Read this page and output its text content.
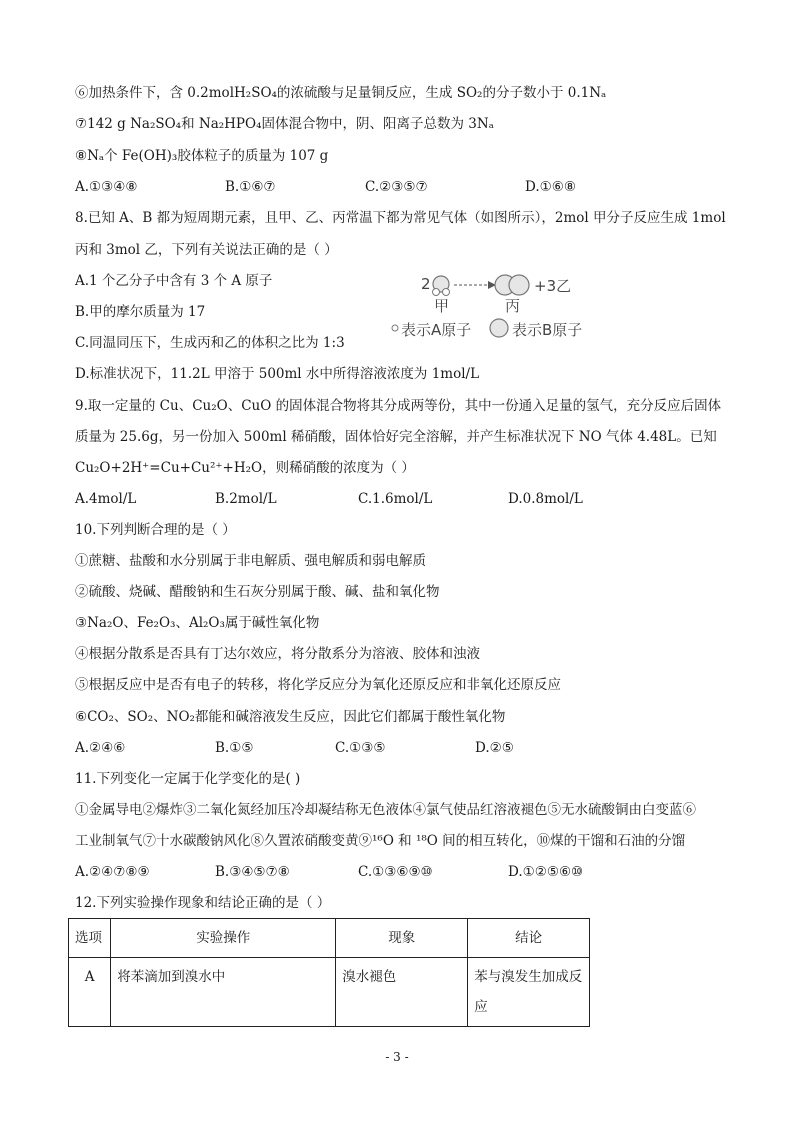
⑥加热条件下，含 0.2molH₂SO₄的浓硫酸与足量铜反应，生成 SO₂的分子数小于 0.1Nₐ
⑦142 g Na₂SO₄和 Na₂HPO₄固体混合物中，阴、阳离子总数为 3Nₐ
⑧Nₐ个 Fe(OH)₃胶体粒子的质量为 107 g
A.①③④⑧	B.①⑥⑦	C.②③⑤⑦	D.①⑥⑧
8.已知 A、B 都为短周期元素，且甲、乙、丙常温下都为常见气体（如图所示），2mol 甲分子反应生成 1mol
丙和 3mol 乙，下列有关说法正确的是（ ）
A.1 个乙分子中含有 3 个 A 原子
B.甲的摩尔质量为 17
C.同温同压下，生成丙和乙的体积之比为 1:3
D.标准状况下，11.2L 甲溶于 500ml 水中所得溶液浓度为 1mol/L
2
甲	丙
+3乙
表示A原子	表示B原子
9.取一定量的 Cu、Cu₂O、CuO 的固体混合物将其分成两等份，其中一份通入足量的氢气，充分反应后固体
质量为 25.6g，另一份加入 500ml 稀硝酸，固体恰好完全溶解，并产生标准状况下 NO 气体 4.48L。已知
Cu₂O+2H⁺=Cu+Cu²⁺+H₂O，则稀硝酸的浓度为（ ）
A.4mol/L	B.2mol/L	C.1.6mol/L	D.0.8mol/L
10.下列判断合理的是（ ）
①蔗糖、盐酸和水分别属于非电解质、强电解质和弱电解质
②硫酸、烧碱、醋酸钠和生石灰分别属于酸、碱、盐和氧化物
③Na₂O、Fe₂O₃、Al₂O₃属于碱性氧化物
④根据分散系是否具有丁达尔效应，将分散系分为溶液、胶体和浊液
⑤根据反应中是否有电子的转移，将化学反应分为氧化还原反应和非氧化还原反应
⑥CO₂、SO₂、NO₂都能和碱溶液发生反应，因此它们都属于酸性氧化物
A.②④⑥	B.①⑤	C.①③⑤	D.②⑤
11.下列变化一定属于化学变化的是( )
①金属导电②爆炸③二氧化氮经加压冷却凝结称无色液体④氯气使品红溶液褪色⑤无水硫酸铜由白变蓝⑥
工业制氧气⑦十水碳酸钠风化⑧久置浓硝酸变黄⑨¹⁶O 和 ¹⁸O 间的相互转化，⑩煤的干馏和石油的分馏
A.②④⑦⑧⑨	B.③④⑤⑦⑧	C.①③⑥⑨⑩	D.①②⑤⑥⑩
12.下列实验操作现象和结论正确的是（ ）
选项	实验操作	现象	结论
A	将苯滴加到溴水中	溴水褪色	苯与溴发生加成反应
- 3 -
